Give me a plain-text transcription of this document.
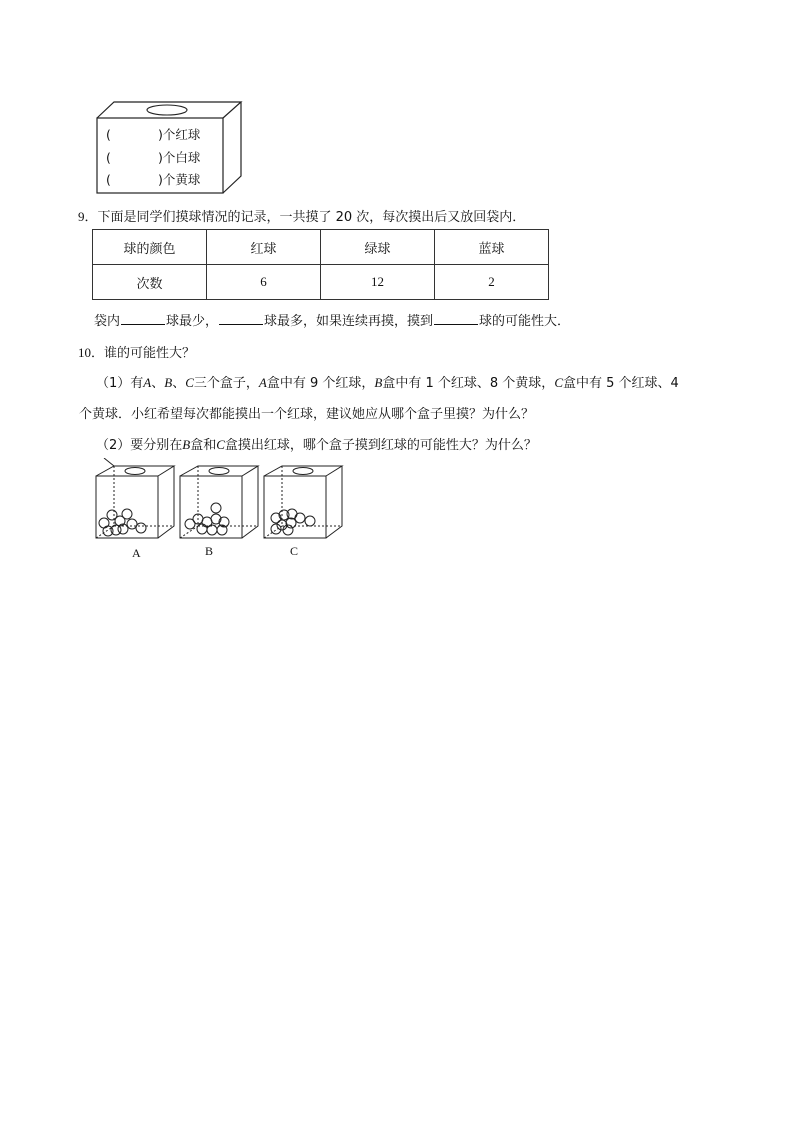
(	)个红球
(	)个白球
(	)个黄球
9．下面是同学们摸球情况的记录，一共摸了 20 次，每次摸出后又放回袋内．
球的颜色	红球	绿球	蓝球
次数	6	12	2
袋内	球最少，	球最多，如果连续再摸，摸到	球的可能性大．
10．谁的可能性大？
（1）有A、B、C三个盒子，A盒中有 9 个红球，B盒中有 1 个红球、8 个黄球，C盒中有 5 个红球、4
个黄球．小红希望每次都能摸出一个红球，建议她应从哪个盒子里摸？为什么？
（2）要分别在B盒和C盒摸出红球，哪个盒子摸到红球的可能性大？为什么？
A	B	C
